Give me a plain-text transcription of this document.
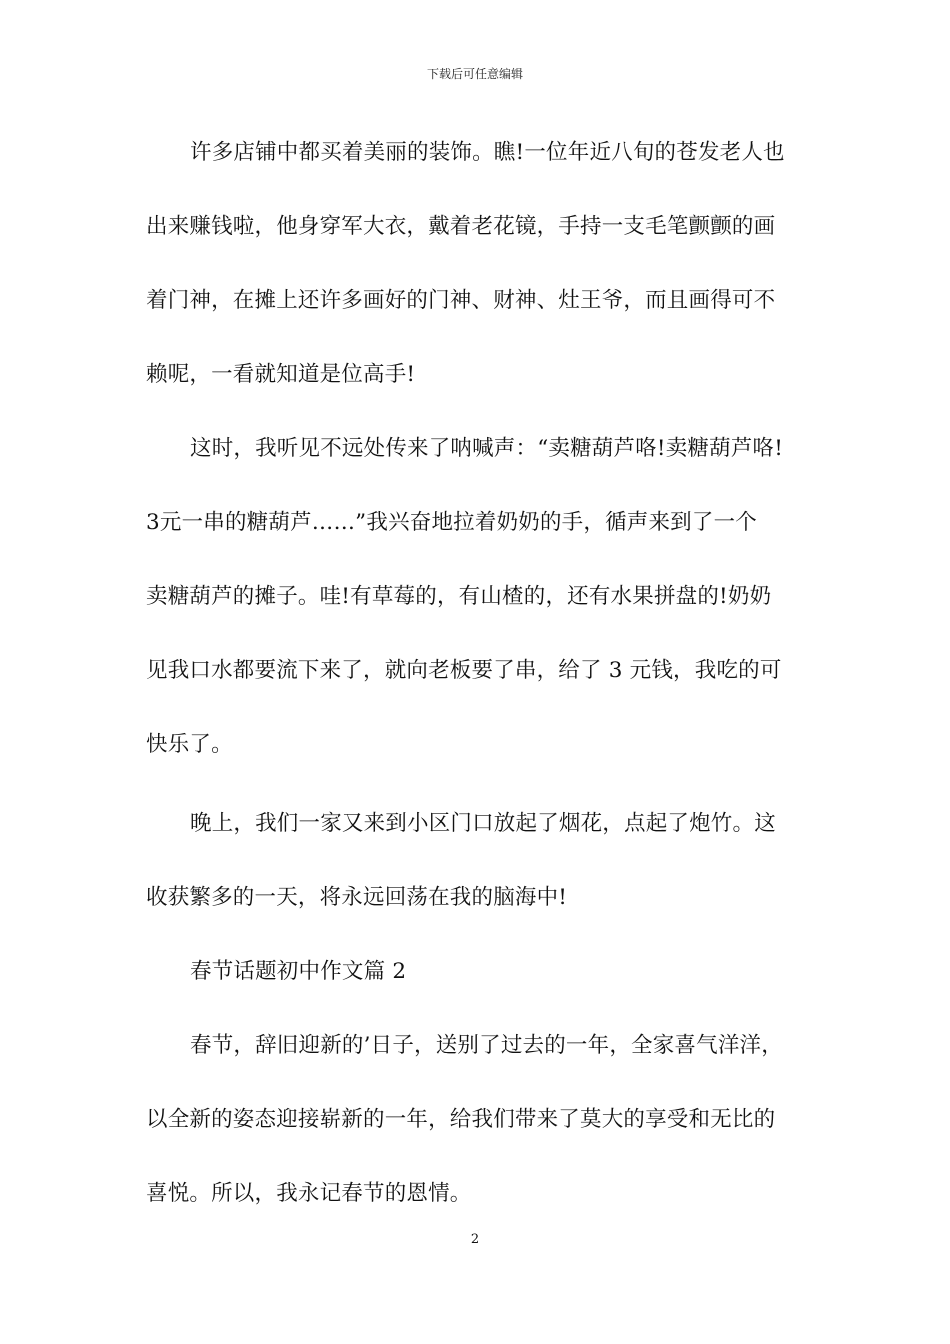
下载后可任意编辑
许多店铺中都买着美丽的装饰。瞧!一位年近八旬的苍发老人也
出来赚钱啦，他身穿军大衣，戴着老花镜，手持一支毛笔颤颤的画
着门神，在摊上还许多画好的门神、财神、灶王爷，而且画得可不
赖呢，一看就知道是位高手!
这时，我听见不远处传来了呐喊声：“卖糖葫芦咯!卖糖葫芦咯!
3元一串的糖葫芦……”我兴奋地拉着奶奶的手，循声来到了一个
卖糖葫芦的摊子。哇!有草莓的，有山楂的，还有水果拼盘的!奶奶
见我口水都要流下来了，就向老板要了串，给了 3 元钱，我吃的可
快乐了。
晚上，我们一家又来到小区门口放起了烟花，点起了炮竹。这
收获繁多的一天，将永远回荡在我的脑海中!
春节话题初中作文篇 2
春节，辞旧迎新的’日子，送别了过去的一年，全家喜气洋洋，
以全新的姿态迎接崭新的一年，给我们带来了莫大的享受和无比的
喜悦。所以，我永记春节的恩情。
2
